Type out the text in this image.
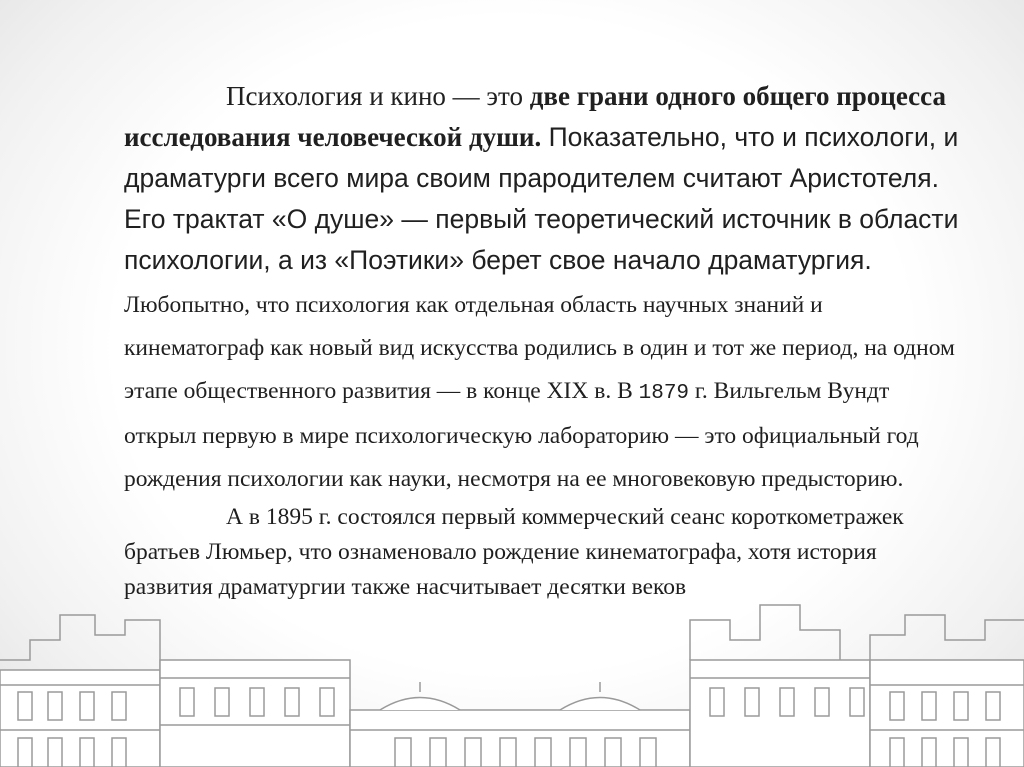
Психология и кино — это две грани одного общего процесса исследования человеческой души. Показательно, что и психологи, и драматурги всего мира своим прародителем считают Аристотеля. Его трактат «О душе» — первый теоретический источник в области психологии, а из «Поэтики» берет свое начало драматургия. Любопытно, что психология как отдельная область научных знаний и кинематограф как новый вид искусства родились в один и тот же период, на одном этапе общественного развития — в конце XIX в. В 1879 г. Вильгельм Вундт открыл первую в мире психологическую лабораторию — это официальный год рождения психологии как науки, несмотря на ее многовековую предысторию.

А в 1895 г. состоялся первый коммерческий сеанс короткометражек братьев Люмьер, что ознаменовало рождение кинематографа, хотя история развития драматургии также насчитывает десятки веков
